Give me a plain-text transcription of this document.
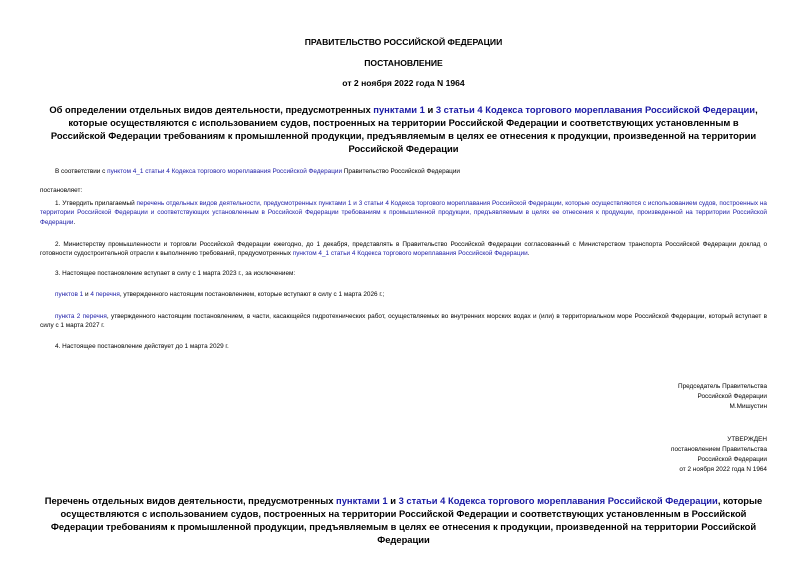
ПРАВИТЕЛЬСТВО РОССИЙСКОЙ ФЕДЕРАЦИИ
ПОСТАНОВЛЕНИЕ
от 2 ноября 2022 года N 1964
Об определении отдельных видов деятельности, предусмотренных пунктами 1 и 3 статьи 4 Кодекса торгового мореплавания Российской Федерации, которые осуществляются с использованием судов, построенных на территории Российской Федерации и соответствующих установленным в Российской Федерации требованиям к промышленной продукции, предъявляемым в целях ее отнесения к продукции, произведенной на территории Российской Федерации
В соответствии с пунктом 4_1 статьи 4 Кодекса торгового мореплавания Российской Федерации Правительство Российской Федерации
постановляет:
1. Утвердить прилагаемый перечень отдельных видов деятельности, предусмотренных пунктами 1 и 3 статьи 4 Кодекса торгового мореплавания Российской Федерации, которые осуществляются с использованием судов, построенных на территории Российской Федерации и соответствующих установленным в Российской Федерации требованиям к промышленной продукции, предъявляемым в целях ее отнесения к продукции, произведенной на территории Российской Федерации.
2. Министерству промышленности и торговли Российской Федерации ежегодно, до 1 декабря, представлять в Правительство Российской Федерации согласованный с Министерством транспорта Российской Федерации доклад о готовности судостроительной отрасли к выполнению требований, предусмотренных пунктом 4_1 статьи 4 Кодекса торгового мореплавания Российской Федерации.
3. Настоящее постановление вступает в силу с 1 марта 2023 г., за исключением:
пунктов 1 и 4 перечня, утвержденного настоящим постановлением, которые вступают в силу с 1 марта 2026 г.;
пункта 2 перечня, утвержденного настоящим постановлением, в части, касающейся гидротехнических работ, осуществляемых во внутренних морских водах и (или) в территориальном море Российской Федерации, который вступает в силу с 1 марта 2027 г.
4. Настоящее постановление действует до 1 марта 2029 г.
Председатель Правительства
Российской Федерации
М.Мишустин
УТВЕРЖДЕН
постановлением Правительства
Российской Федерации
от 2 ноября 2022 года N 1964
Перечень отдельных видов деятельности, предусмотренных пунктами 1 и 3 статьи 4 Кодекса торгового мореплавания Российской Федерации, которые осуществляются с использованием судов, построенных на территории Российской Федерации и соответствующих установленным в Российской Федерации требованиям к промышленной продукции, предъявляемым в целях ее отнесения к продукции, произведенной на территории Российской Федерации
